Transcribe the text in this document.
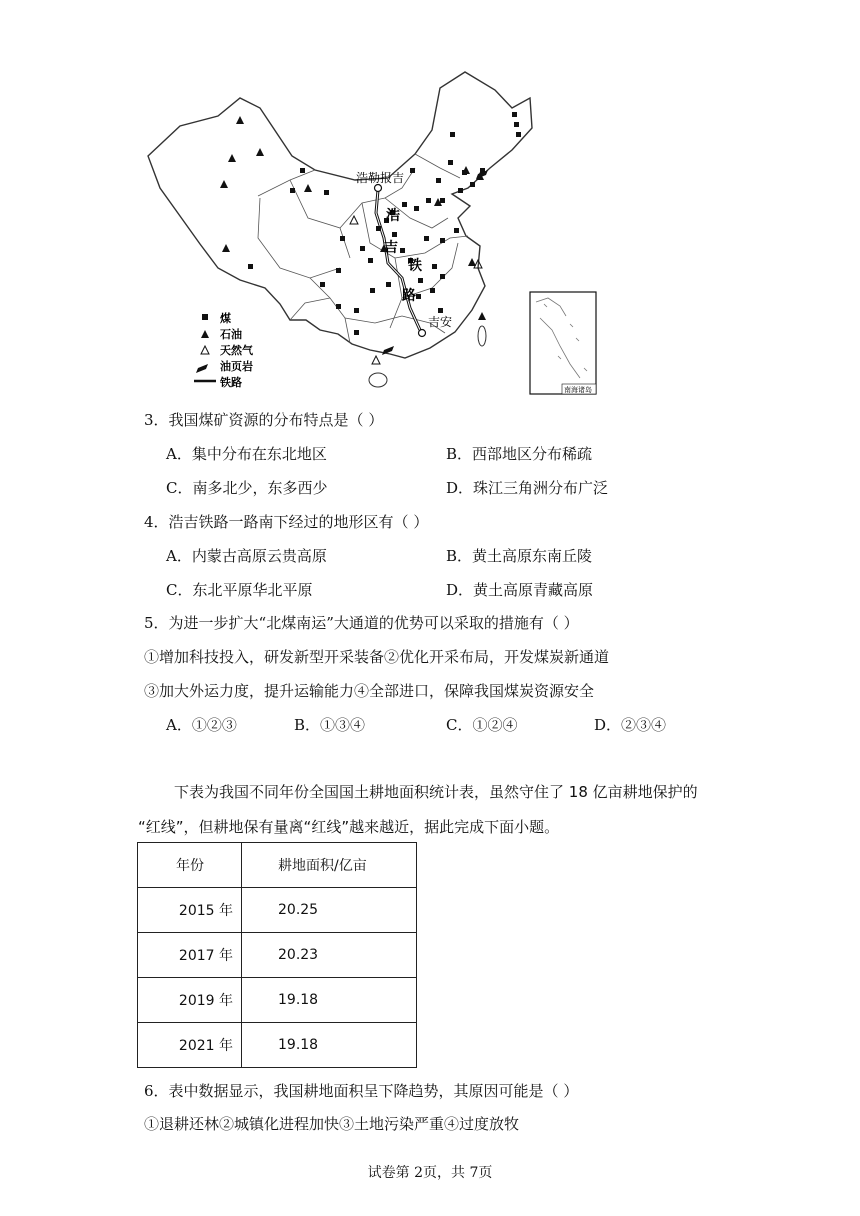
浩勒报吉
吉安
浩
吉
铁
路
煤
石油
天然气
油页岩
铁路
南海诸岛
3．我国煤矿资源的分布特点是（ ）
A．集中分布在东北地区	B．西部地区分布稀疏
C．南多北少，东多西少	D．珠江三角洲分布广泛
4．浩吉铁路一路南下经过的地形区有（ ）
A．内蒙古高原云贵高原	B．黄土高原东南丘陵
C．东北平原华北平原	D．黄土高原青藏高原
5．为进一步扩大“北煤南运”大通道的优势可以采取的措施有（ ）
①增加科技投入，研发新型开采装备②优化开采布局，开发煤炭新通道
③加大外运力度，提升运输能力④全部进口，保障我国煤炭资源安全
A．①②③	B．①③④	C．①②④	D．②③④
下表为我国不同年份全国国土耕地面积统计表，虽然守住了 18 亿亩耕地保护的
“红线”，但耕地保有量离“红线”越来越近，据此完成下面小题。
年份	耕地面积/亿亩
2015 年	20.25
2017 年	20.23
2019 年	19.18
2021 年	19.18
6．表中数据显示，我国耕地面积呈下降趋势，其原因可能是（ ）
①退耕还林②城镇化进程加快③土地污染严重④过度放牧
试卷第 2页，共 7页
